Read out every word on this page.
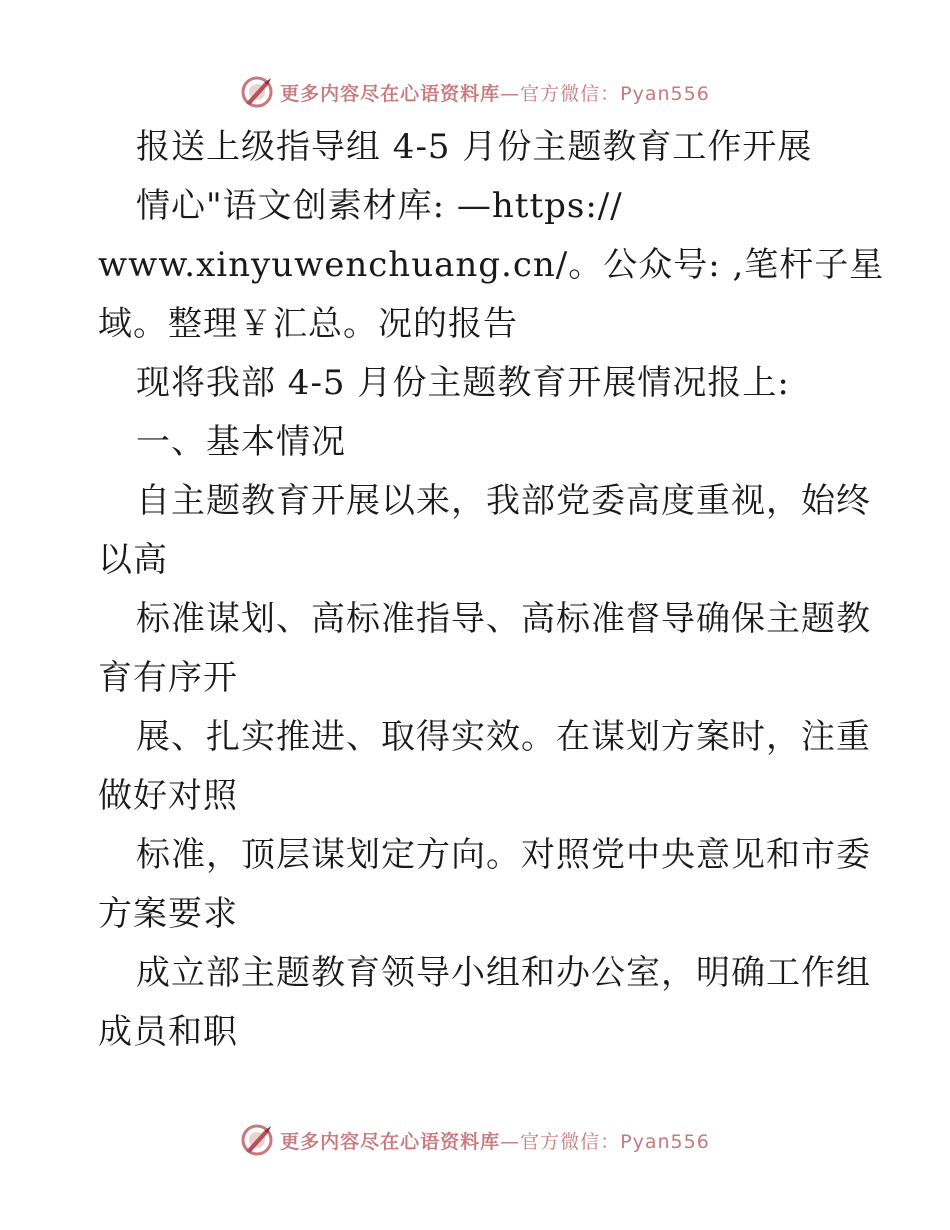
更多内容尽在心语资料库—官方微信：Pyan556
报送上级指导组 4-5 月份主题教育工作开展
情心"语文创素材库: —https://
www.xinyuwenchuang.cn/。公众号: ,笔杆子星
域。整理￥汇总。况的报告
现将我部 4-5 月份主题教育开展情况报上:
一、基本情况
自主题教育开展以来，我部党委高度重视，始终
以高
标准谋划、高标准指导、高标准督导确保主题教
育有序开
展、扎实推进、取得实效。在谋划方案时，注重
做好对照
标准，顶层谋划定方向。对照党中央意见和市委
方案要求
成立部主题教育领导小组和办公室，明确工作组
成员和职
更多内容尽在心语资料库—官方微信：Pyan556
